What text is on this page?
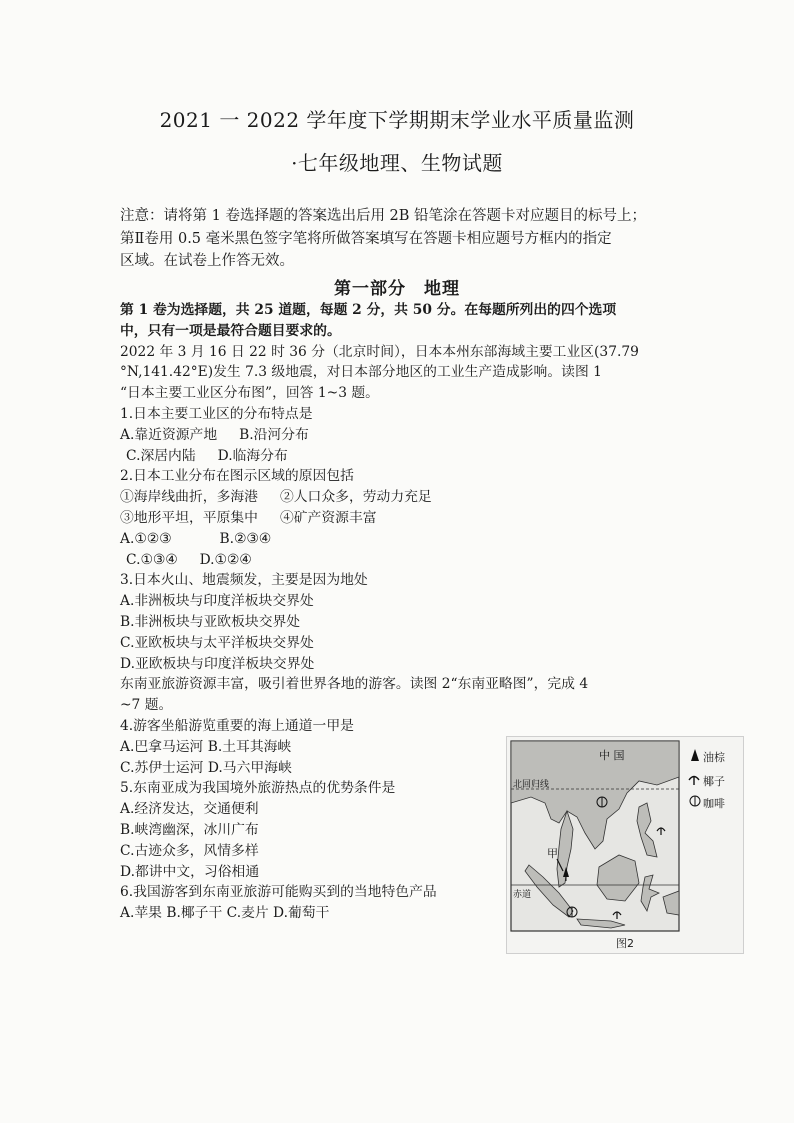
2021 一 2022 学年度下学期期末学业水平质量监测
·七年级地理、生物试题
注意：请将第 1 卷选择题的答案选出后用 2B 铅笔涂在答题卡对应题目的标号上；
第Ⅱ卷用 0.5 毫米黑色签字笔将所做答案填写在答题卡相应题号方框内的指定
区域。在试卷上作答无效。
第一部分　地理
第 1 卷为选择题，共 25 道题，每题 2 分，共 50 分。在每题所列出的四个选项
中，只有一项是最符合题目要求的。
2022 年 3 月 16 日 22 时 36 分（北京时间），日本本州东部海域主要工业区(37.79
°N,141.42°E)发生 7.3 级地震，对日本部分地区的工业生产造成影响。读图 1
“日本主要工业区分布图”，回答 1~3 题。
1.日本主要工业区的分布特点是
A.靠近资源产地 B.沿河分布
C.深居内陆 D.临海分布
2.日本工业分布在图示区域的原因包括
①海岸线曲折，多海港 ②人口众多，劳动力充足
③地形平坦，平原集中 ④矿产资源丰富
A.①②③	B.②③④
C.①③④ D.①②④
3.日本火山、地震频发，主要是因为地处
A.非洲板块与印度洋板块交界处
B.非洲板块与亚欧板块交界处
C.亚欧板块与太平洋板块交界处
D.亚欧板块与印度洋板块交界处
东南亚旅游资源丰富，吸引着世界各地的游客。读图 2“东南亚略图”，完成 4
~7 题。
4.游客坐船游览重要的海上通道一甲是
A.巴拿马运河 B.土耳其海峡
C.苏伊士运河 D.马六甲海峡
5.东南亚成为我国境外旅游热点的优势条件是
A.经济发达，交通便利
B.峡湾幽深，冰川广布
C.古迹众多，风情多样
D.都讲中文，习俗相通
6.我国游客到东南亚旅游可能购买到的当地特色产品
A.苹果 B.椰子干 C.麦片 D.葡萄干
中 国
北回归线
赤道
甲
油棕
椰子
咖啡
图2
